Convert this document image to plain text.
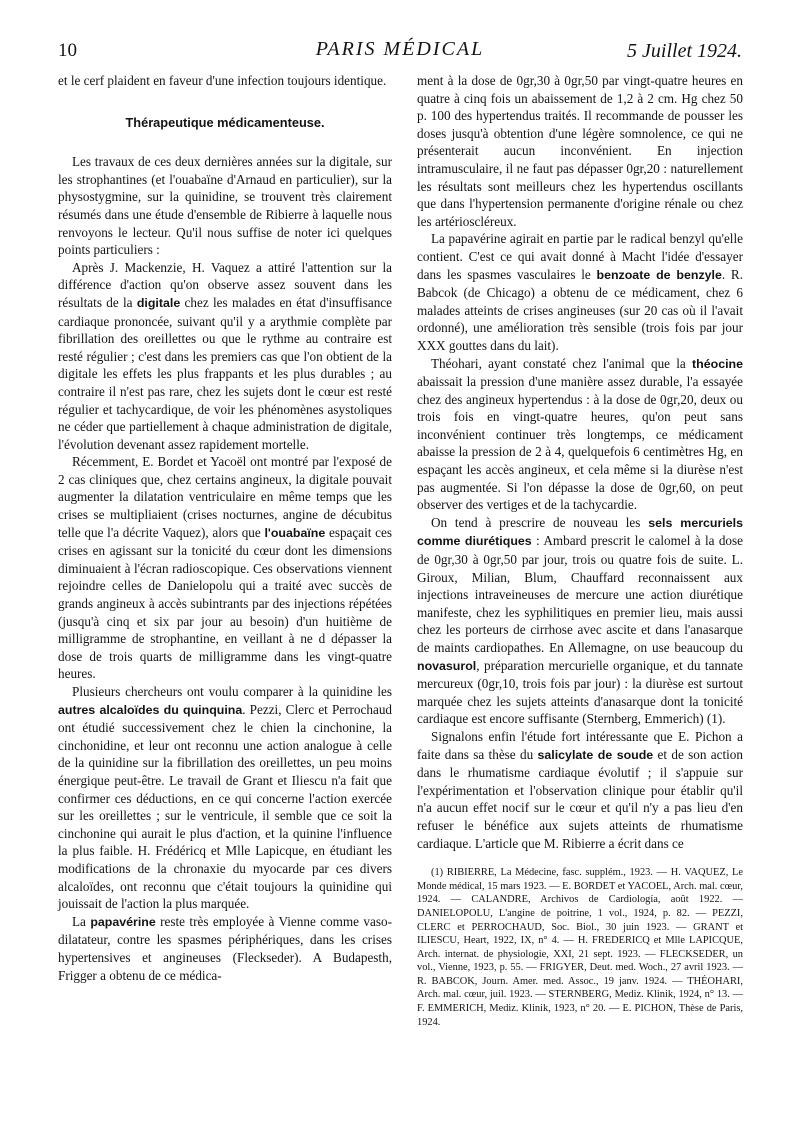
10	PARIS MÉDICAL	5 Juillet 1924.

et le cerf plaident en faveur d'une infection toujours identique.

Thérapeutique médicamenteuse.

Les travaux de ces deux dernières années sur la digitale, sur les strophantines (et l'ouabaïne d'Arnaud en particulier), sur la physostygmine, sur la quinidine, se trouvent très clairement résumés dans une étude d'ensemble de Ribierre à laquelle nous renvoyons le lecteur. Qu'il nous suffise de noter ici quelques points particuliers :

Après J. Mackenzie, H. Vaquez a attiré l'attention sur la différence d'action qu'on observe assez souvent dans les résultats de la digitale chez les malades en état d'insuffisance cardiaque prononcée, suivant qu'il y a arythmie complète par fibrillation des oreillettes ou que le rythme au contraire est resté régulier ; c'est dans les premiers cas que l'on obtient de la digitale les effets les plus frappants et les plus durables ; au contraire il n'est pas rare, chez les sujets dont le cœur est resté régulier et tachycardique, de voir les phénomènes asystoliques ne céder que partiellement à chaque administration de digitale, l'évolution devenant assez rapidement mortelle.

Récemment, E. Bordet et Yacoël ont montré par l'exposé de 2 cas cliniques que, chez certains angineux, la digitale pouvait augmenter la dilatation ventriculaire en même temps que les crises se multipliaient (crises nocturnes, angine de décubitus telle que l'a décrite Vaquez), alors que l'ouabaïne espaçait ces crises en agissant sur la tonicité du cœur dont les dimensions diminuaient à l'écran radioscopique. Ces observations viennent rejoindre celles de Danielopolu qui a traité avec succès de grands angineux à accès subintrants par des injections répétées (jusqu'à cinq et six par jour au besoin) d'un huitième de milligramme de strophantine, en veillant à ne d dépasser la dose de trois quarts de milligramme dans les vingt-quatre heures.

Plusieurs chercheurs ont voulu comparer à la quinidine les autres alcaloïdes du quinquina. Pezzi, Clerc et Perrochaud ont étudié successivement chez le chien la cinchonine, la cinchonidine, et leur ont reconnu une action analogue à celle de la quinidine sur la fibrillation des oreillettes, un peu moins énergique peut-être. Le travail de Grant et Iliescu n'a fait que confirmer ces déductions, en ce qui concerne l'action exercée sur les oreillettes ; sur le ventricule, il semble que ce soit la cinchonine qui aurait le plus d'action, et la quinine l'influence la plus faible. H. Frédéricq et Mlle Lapicque, en étudiant les modifications de la chronaxie du myocarde par ces divers alcaloïdes, ont reconnu que c'était toujours la quinidine qui jouissait de l'action la plus marquée.

La papavérine reste très employée à Vienne comme vaso-dilatateur, contre les spasmes périphériques, dans les crises hypertensives et angineuses (Fleckseder). A Budapesth, Frigger a obtenu de ce médica-

ment à la dose de 0gr,30 à 0gr,50 par vingt-quatre heures en quatre à cinq fois un abaissement de 1,2 à 2 cm. Hg chez 50 p. 100 des hypertendus traités. Il recommande de pousser les doses jusqu'à obtention d'une légère somnolence, ce qui ne présenterait aucun inconvénient. En injection intramusculaire, il ne faut pas dépasser 0gr,20 : naturellement les résultats sont meilleurs chez les hypertendus oscillants que dans l'hypertension permanente d'origine rénale ou chez les artérioscléreux.

La papavérine agirait en partie par le radical benzyl qu'elle contient. C'est ce qui avait donné à Macht l'idée d'essayer dans les spasmes vasculaires le benzoate de benzyle. R. Babcok (de Chicago) a obtenu de ce médicament, chez 6 malades atteints de crises angineuses (sur 20 cas où il l'avait ordonné), une amélioration très sensible (trois fois par jour XXX gouttes dans du lait).

Théohari, ayant constaté chez l'animal que la théocine abaissait la pression d'une manière assez durable, l'a essayée chez des angineux hypertendus : à la dose de 0gr,20, deux ou trois fois en vingt-quatre heures, qu'on peut sans inconvénient continuer très longtemps, ce médicament abaisse la pression de 2 à 4, quelquefois 6 centimètres Hg, en espaçant les accès angineux, et cela même si la diurèse n'est pas augmentée. Si l'on dépasse la dose de 0gr,60, on peut observer des vertiges et de la tachycardie.

On tend à prescrire de nouveau les sels mercuriels comme diurétiques : Ambard prescrit le calomel à la dose de 0gr,30 à 0gr,50 par jour, trois ou quatre fois de suite. L. Giroux, Milian, Blum, Chauffard reconnaissent aux injections intraveineuses de mercure une action diurétique manifeste, chez les syphilitiques en premier lieu, mais aussi chez les porteurs de cirrhose avec ascite et dans l'anasarque de maints cardiopathes. En Allemagne, on use beaucoup du novasurol, préparation mercurielle organique, et du tannate mercureux (0gr,10, trois fois par jour) : la diurèse est surtout marquée chez les sujets atteints d'anasarque dont la tonicité cardiaque est encore suffisante (Sternberg, Emmerich) (1).

Signalons enfin l'étude fort intéressante que E. Pichon a faite dans sa thèse du salicylate de soude et de son action dans le rhumatisme cardiaque évolutif ; il s'appuie sur l'expérimentation et l'observation clinique pour établir qu'il n'a aucun effet nocif sur le cœur et qu'il n'y a pas lieu d'en refuser le bénéfice aux sujets atteints de rhumatisme cardiaque. L'article que M. Ribierre a écrit dans ce

(1) RIBIERRE, La Médecine, fasc. supplém., 1923. — H. VAQUEZ, Le Monde médical, 15 mars 1923. — E. BORDET et YACOEL, Arch. mal. cœur, 1924. — CALANDRE, Archivos de Cardiología, août 1922. — DANIELOPOLU, L'angine de poitrine, 1 vol., 1924, p. 82. — PEZZI, CLERC et PERROCHAUD, Soc. Biol., 30 juin 1923. — GRANT et ILIESCU, Heart, 1922, IX, n° 4. — H. FREDERICQ et Mlle LAPICQUE, Arch. internat. de physiologie, XXI, 21 sept. 1923. — FLECKSEDER, un vol., Vienne, 1923, p. 55. — FRIGYER, Deut. med. Woch., 27 avril 1923. — R. BABCOK, Journ. Amer. med. Assoc., 19 janv. 1924. — THÉOHARI, Arch. mal. cœur, juil. 1923. — STERNBERG, Mediz. Klinik, 1924, n° 13. — F. EMMERICH, Mediz. Klinik, 1923, n° 20. — E. PICHON, Thèse de Paris, 1924.
